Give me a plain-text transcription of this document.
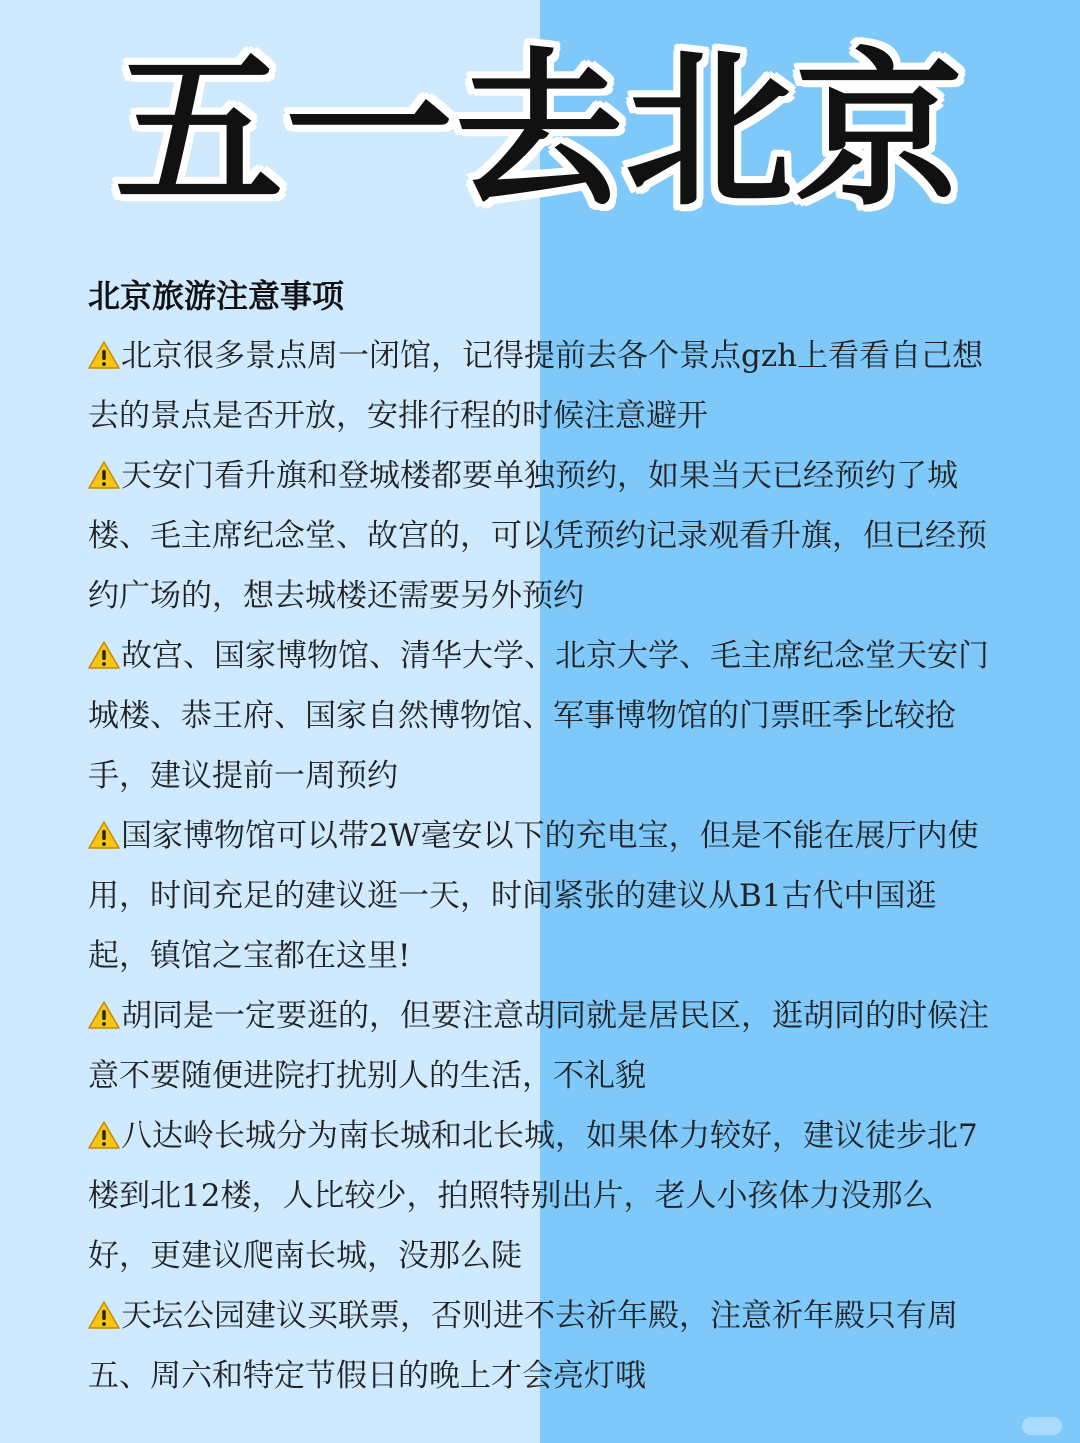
五一去北京
北京旅游注意事项
北京很多景点周一闭馆，记得提前去各个景点gzh上看看自己想去的景点是否开放，安排行程的时候注意避开
天安门看升旗和登城楼都要单独预约，如果当天已经预约了城楼、毛主席纪念堂、故宫的，可以凭预约记录观看升旗，但已经预约广场的，想去城楼还需要另外预约
故宫、国家博物馆、清华大学、北京大学、毛主席纪念堂天安门城楼、恭王府、国家自然博物馆、军事博物馆的门票旺季比较抢手，建议提前一周预约
国家博物馆可以带2W毫安以下的充电宝，但是不能在展厅内使用，时间充足的建议逛一天，时间紧张的建议从B1古代中国逛起，镇馆之宝都在这里!
胡同是一定要逛的，但要注意胡同就是居民区，逛胡同的时候注意不要随便进院打扰别人的生活，不礼貌
八达岭长城分为南长城和北长城，如果体力较好，建议徒步北7楼到北12楼，人比较少，拍照特别出片，老人小孩体力没那么好，更建议爬南长城，没那么陡
天坛公园建议买联票，否则进不去祈年殿，注意祈年殿只有周五、周六和特定节假日的晚上才会亮灯哦
